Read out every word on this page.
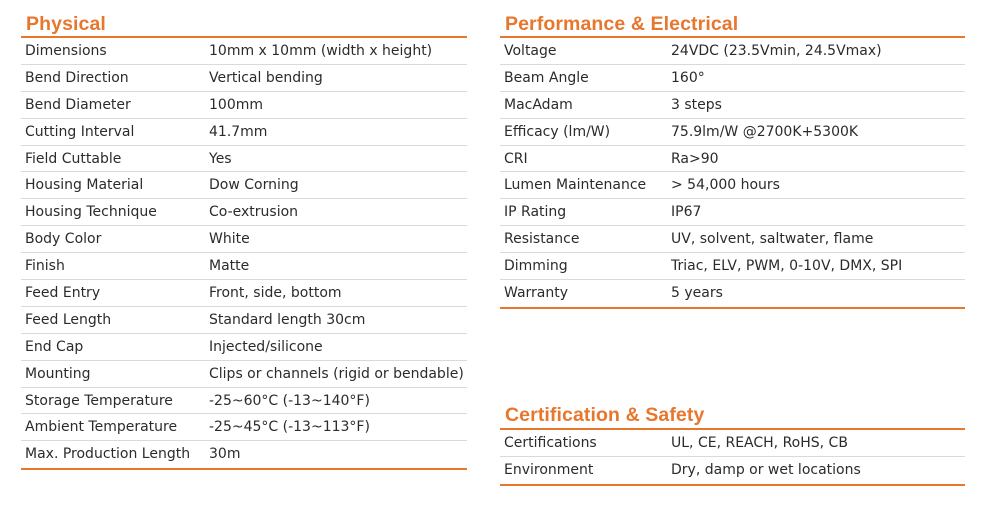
Physical
Dimensions	10mm x 10mm (width x height)
Bend Direction	Vertical bending
Bend Diameter	100mm
Cutting Interval	41.7mm
Field Cuttable	Yes
Housing Material	Dow Corning
Housing Technique	Co-extrusion
Body Color	White
Finish	Matte
Feed Entry	Front, side, bottom
Feed Length	Standard length 30cm
End Cap	Injected/silicone
Mounting	Clips or channels (rigid or bendable)
Storage Temperature	-25~60°C (-13~140°F)
Ambient Temperature	-25~45°C (-13~113°F)
Max. Production Length	30m
Performance & Electrical
Voltage	24VDC (23.5Vmin, 24.5Vmax)
Beam Angle	160°
MacAdam	3 steps
Efficacy (lm/W)	75.9lm/W @2700K+5300K
CRI	Ra>90
Lumen Maintenance	> 54,000 hours
IP Rating	IP67
Resistance	UV, solvent, saltwater, flame
Dimming	Triac, ELV, PWM, 0-10V, DMX, SPI
Warranty	5 years
Certification & Safety
Certifications	UL, CE, REACH, RoHS, CB
Environment	Dry, damp or wet locations
